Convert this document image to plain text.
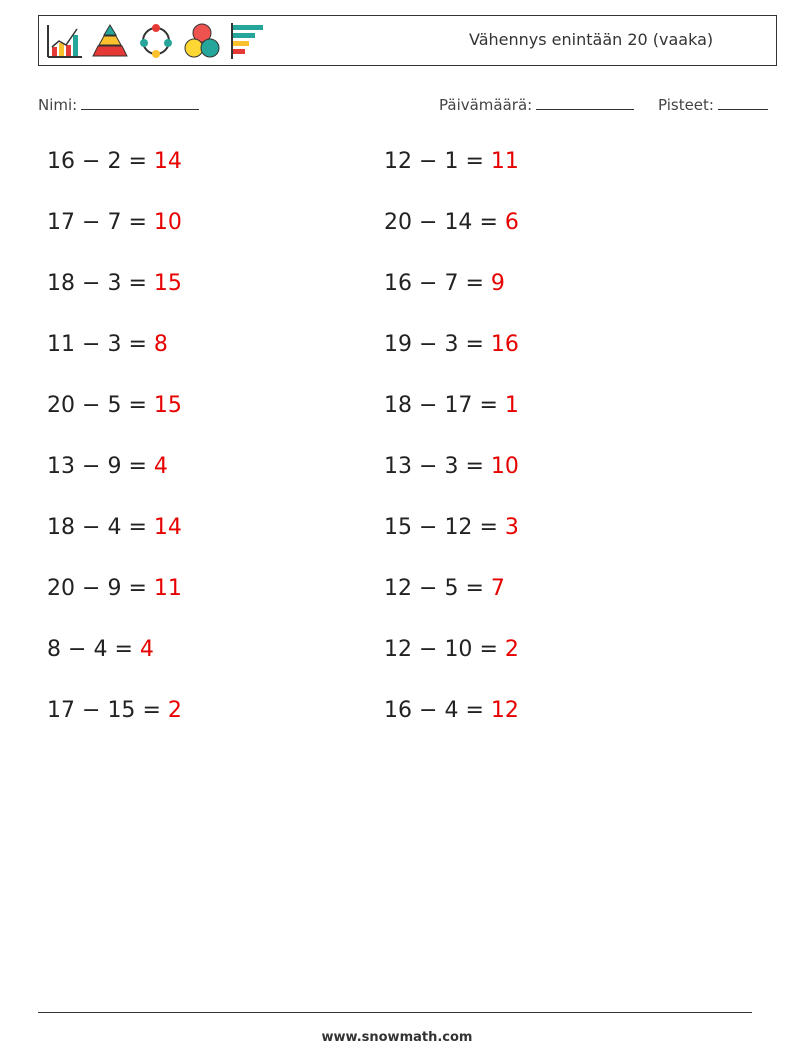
Vähennys enintään 20 (vaaka)
Nimi:	Päivämäärä:	Pisteet:
16 − 2 = 14
17 − 7 = 10
18 − 3 = 15
11 − 3 = 8
20 − 5 = 15
13 − 9 = 4
18 − 4 = 14
20 − 9 = 11
8 − 4 = 4
17 − 15 = 2
12 − 1 = 11
20 − 14 = 6
16 − 7 = 9
19 − 3 = 16
18 − 17 = 1
13 − 3 = 10
15 − 12 = 3
12 − 5 = 7
12 − 10 = 2
16 − 4 = 12
www.snowmath.com
